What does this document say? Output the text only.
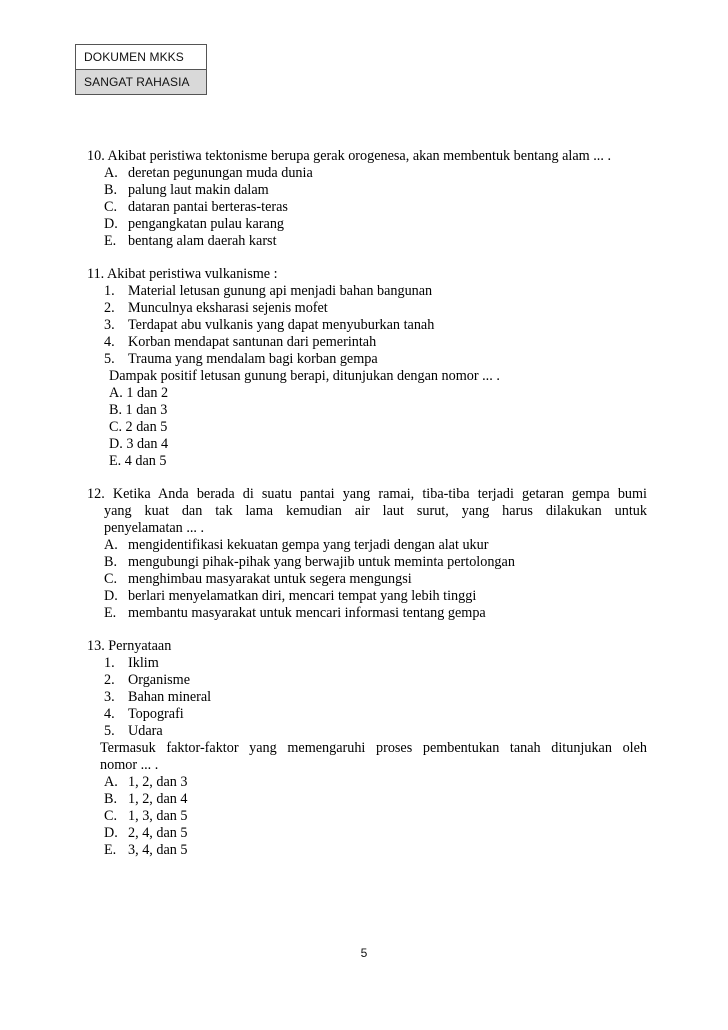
DOKUMEN MKKS
SANGAT RAHASIA
10. Akibat peristiwa tektonisme berupa gerak orogenesa, akan membentuk bentang alam ... .
A. deretan pegunungan muda dunia
B. palung laut makin dalam
C. dataran pantai berteras-teras
D. pengangkatan pulau karang
E. bentang alam daerah karst
11. Akibat peristiwa vulkanisme :
1. Material letusan gunung api menjadi bahan bangunan
2. Munculnya eksharasi sejenis mofet
3. Terdapat abu vulkanis yang dapat menyuburkan tanah
4. Korban mendapat santunan dari pemerintah
5. Trauma yang mendalam bagi korban gempa
Dampak positif letusan gunung berapi, ditunjukan dengan nomor ... .
A. 1 dan 2
B. 1 dan 3
C. 2 dan 5
D. 3 dan 4
E. 4 dan 5
12. Ketika Anda berada di suatu pantai yang ramai, tiba-tiba terjadi getaran gempa bumi
yang kuat dan tak lama kemudian air laut surut, yang harus dilakukan untuk
penyelamatan ... .
A. mengidentifikasi kekuatan gempa yang terjadi dengan alat ukur
B. mengubungi pihak-pihak yang berwajib untuk meminta pertolongan
C. menghimbau masyarakat untuk segera mengungsi
D. berlari menyelamatkan diri, mencari tempat yang lebih tinggi
E. membantu masyarakat untuk mencari informasi tentang gempa
13. Pernyataan
1. Iklim
2. Organisme
3. Bahan mineral
4. Topografi
5. Udara
Termasuk faktor-faktor yang memengaruhi proses pembentukan tanah ditunjukan oleh
nomor ... .
A. 1, 2, dan 3
B. 1, 2, dan 4
C. 1, 3, dan 5
D. 2, 4, dan 5
E. 3, 4, dan 5
5
